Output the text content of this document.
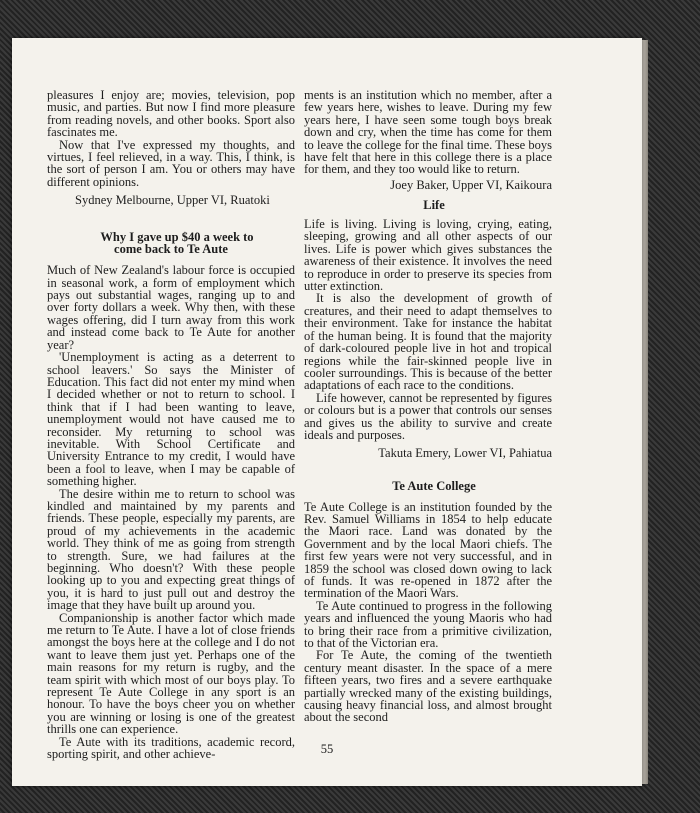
pleasures I enjoy are; movies, television, pop music, and parties. But now I find more pleasure from reading novels, and other books. Sport also fascinates me.

Now that I've expressed my thoughts, and virtues, I feel relieved, in a way. This, I think, is the sort of person I am. You or others may have different opinions.

Sydney Melbourne, Upper VI, Ruatoki

Why I gave up $40 a week to come back to Te Aute

Much of New Zealand's labour force is occupied in seasonal work, a form of employment which pays out substantial wages, ranging up to and over forty dollars a week. Why then, with these wages offering, did I turn away from this work and instead come back to Te Aute for another year?

'Unemployment is acting as a deterrent to school leavers.' So says the Minister of Education. This fact did not enter my mind when I decided whether or not to return to school. I think that if I had been wanting to leave, unemployment would not have caused me to reconsider. My returning to school was inevitable. With School Certificate and University Entrance to my credit, I would have been a fool to leave, when I may be capable of something higher.

The desire within me to return to school was kindled and maintained by my parents and friends. These people, especially my parents, are proud of my achievements in the academic world. They think of me as going from strength to strength. Sure, we had failures at the beginning. Who doesn't? With these people looking up to you and expecting great things of you, it is hard to just pull out and destroy the image that they have built up around you.

Companionship is another factor which made me return to Te Aute. I have a lot of close friends amongst the boys here at the college and I do not want to leave them just yet. Perhaps one of the main reasons for my return is rugby, and the team spirit with which most of our boys play. To represent Te Aute College in any sport is an honour. To have the boys cheer you on whether you are winning or losing is one of the greatest thrills one can experience.

Te Aute with its traditions, academic record, sporting spirit, and other achieve-

ments is an institution which no member, after a few years here, wishes to leave. During my few years here, I have seen some tough boys break down and cry, when the time has come for them to leave the college for the final time. These boys have felt that here in this college there is a place for them, and they too would like to return.

Joey Baker, Upper VI, Kaikoura

Life

Life is living. Living is loving, crying, eating, sleeping, growing and all other aspects of our lives. Life is power which gives substances the awareness of their existence. It involves the need to reproduce in order to preserve its species from utter extinction.

It is also the development of growth of creatures, and their need to adapt themselves to their environment. Take for instance the habitat of the human being. It is found that the majority of dark-coloured people live in hot and tropical regions while the fair-skinned people live in cooler surroundings. This is because of the better adaptations of each race to the conditions.

Life however, cannot be represented by figures or colours but is a power that controls our senses and gives us the ability to survive and create ideals and purposes.

Takuta Emery, Lower VI, Pahiatua

Te Aute College

Te Aute College is an institution founded by the Rev. Samuel Williams in 1854 to help educate the Maori race. Land was donated by the Government and by the local Maori chiefs. The first few years were not very successful, and in 1859 the school was closed down owing to lack of funds. It was re-opened in 1872 after the termination of the Maori Wars.

Te Aute continued to progress in the following years and influenced the young Maoris who had to bring their race from a primitive civilization, to that of the Victorian era.

For Te Aute, the coming of the twentieth century meant disaster. In the space of a mere fifteen years, two fires and a severe earthquake partially wrecked many of the existing buildings, causing heavy financial loss, and almost brought about the second

55
